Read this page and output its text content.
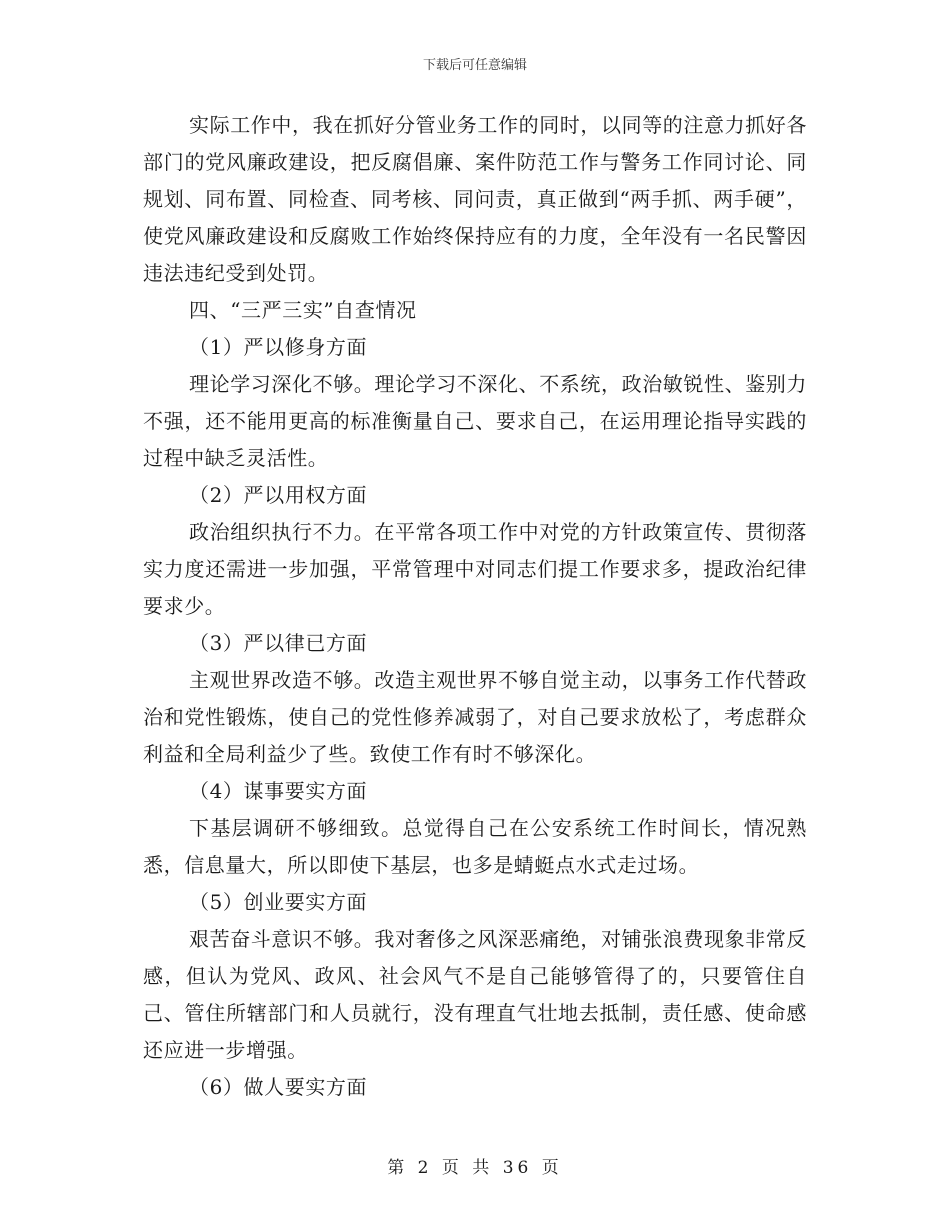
下载后可任意编辑

实际工作中，我在抓好分管业务工作的同时，以同等的注意力抓好各部门的党风廉政建设，把反腐倡廉、案件防范工作与警务工作同讨论、同规划、同布置、同检查、同考核、同问责，真正做到“两手抓、两手硬”，使党风廉政建设和反腐败工作始终保持应有的力度，全年没有一名民警因违法违纪受到处罚。

四、“三严三实”自查情况

（1）严以修身方面

理论学习深化不够。理论学习不深化、不系统，政治敏锐性、鉴别力不强，还不能用更高的标准衡量自己、要求自己，在运用理论指导实践的过程中缺乏灵活性。

（2）严以用权方面

政治组织执行不力。在平常各项工作中对党的方针政策宣传、贯彻落实力度还需进一步加强，平常管理中对同志们提工作要求多，提政治纪律要求少。

（3）严以律已方面

主观世界改造不够。改造主观世界不够自觉主动，以事务工作代替政治和党性锻炼，使自己的党性修养减弱了，对自己要求放松了，考虑群众利益和全局利益少了些。致使工作有时不够深化。

（4）谋事要实方面

下基层调研不够细致。总觉得自己在公安系统工作时间长，情况熟悉，信息量大，所以即使下基层，也多是蜻蜓点水式走过场。

（5）创业要实方面

艰苦奋斗意识不够。我对奢侈之风深恶痛绝，对铺张浪费现象非常反感，但认为党风、政风、社会风气不是自己能够管得了的，只要管住自己、管住所辖部门和人员就行，没有理直气壮地去抵制，责任感、使命感还应进一步增强。

（6）做人要实方面

第 2 页 共 36 页
